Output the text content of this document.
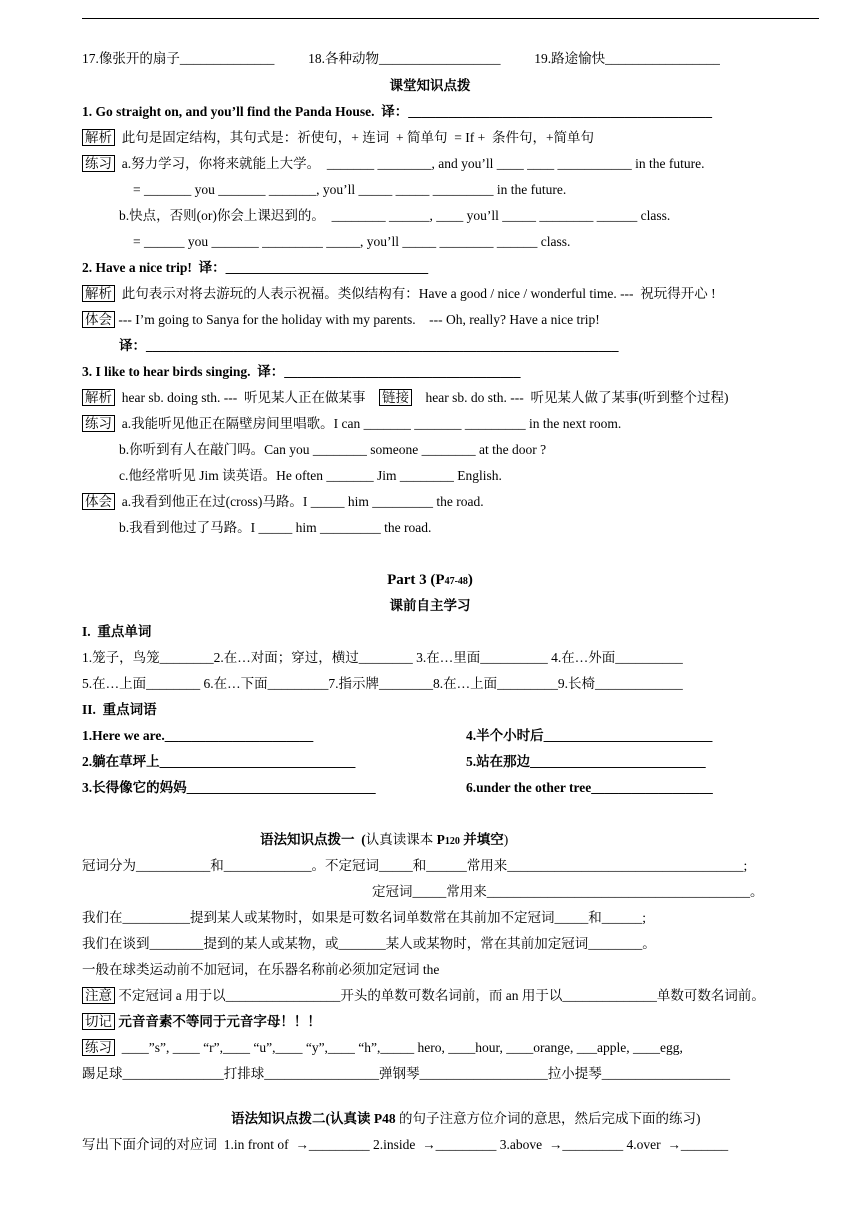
17.像张开的扇子______________          18.各种动物__________________          19.路途愉快_________________
课堂知识点拨
1. Go straight on, and you’ll find the Panda House.  译：_____________________________________________
解析 此句是固定结构，其句式是：祈使句，+ 连词  + 简单句  = If +  条件句，+简单句
练习 a.努力学习，你将来就能上大学。  _______ ________, and you’ll ____ ____ ___________ in the future.
= _______ you _______ _______, you’ll _____ _____ _________ in the future.
b.快点，否则(or)你会上课迟到的。  ________ ______, ____ you’ll _____ ________ ______ class.
= ______ you _______ _________ _____, you’ll _____ ________ ______ class.
2. Have a nice trip!  译：______________________________
解析 此句表示对将去游玩的人表示祝福。类似结构有：Have a good / nice / wonderful time. ---  祝玩得开心 !
体会 --- I’m going to Sanya for the holiday with my parents.    --- Oh, really? Have a nice trip!
译：______________________________________________________________________
3. I like to hear birds singing.  译：___________________________________
解析 hear sb. doing sth. ---  听见某人正在做某事 链接 hear sb. do sth. ---  听见某人做了某事(听到整个过程)
练习 a.我能听见他正在隔壁房间里唱歌。I can _______ _______ _________ in the next room.
b.你听到有人在敲门吗。Can you ________ someone ________ at the door ?
c.他经常听见 Jim 读英语。He often _______ Jim ________ English.
体会 a.我看到他正在过(cross)马路。I _____ him _________ the road.
b.我看到他过了马路。I _____ him _________ the road.
Part 3 (P47-48)
课前自主学习
I.  重点单词
1.笼子，鸟笼________2.在…对面；穿过，横过________ 3.在…里面__________ 4.在…外面__________
5.在…上面________ 6.在…下面_________7.指示牌________8.在…上面_________9.长椅_____________
II.  重点词语
1.Here we are.______________________	4.半个小时后_________________________
2.躺在草坪上_____________________________	5.站在那边__________________________
3.长得像它的妈妈____________________________	6.under the other tree__________________
语法知识点拨一  (认真读课本 P120 并填空)
冠词分为___________和_____________。不定冠词_____和______常用来___________________________________;
定冠词_____常用来_______________________________________。
我们在__________提到某人或某物时，如果是可数名词单数常在其前加不定冠词_____和______;
我们在谈到________提到的某人或某物，或_______某人或某物时，常在其前加定冠词________。
一般在球类运动前不加冠词，在乐器名称前必须加定冠词 the
注意 不定冠词 a 用于以_________________开头的单数可数名词前，而 an 用于以______________单数可数名词前。
切记 元音音素不等同于元音字母！！！
练习  ____”s”, ____ “r”,____ “u”,____ “y”,____ “h”,_____ hero, ____hour, ____orange, ___apple, ____egg,
踢足球_______________打排球_________________弹钢琴___________________拉小提琴___________________
语法知识点拨二(认真读 P48 的句子注意方位介词的意思，然后完成下面的练习)
写出下面介词的对应词  1.in front of  →_________ 2.inside  →_________ 3.above  →_________ 4.over  →_______
